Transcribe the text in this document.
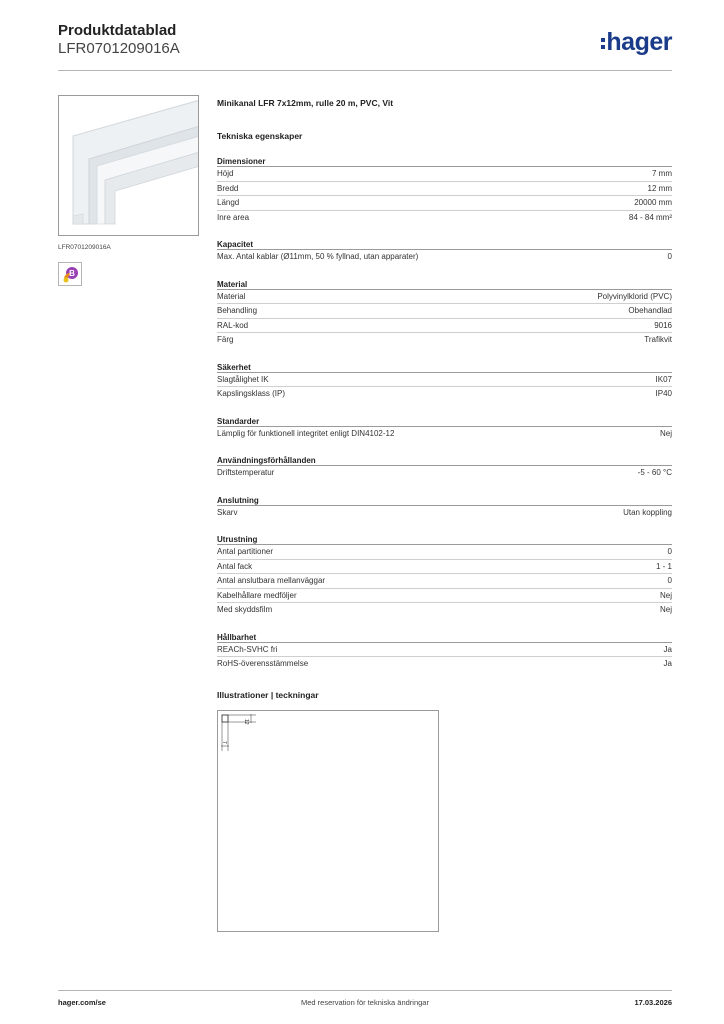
Produktdatablad
LFR0701209016A	hager
LFR0701209016A
B
Minikanal LFR 7x12mm, rulle 20 m, PVC, Vit
Tekniska egenskaper
Dimensioner
Höjd	7 mm
Bredd	12 mm
Längd	20000 mm
Inre area	84 - 84 mm²
Kapacitet
Max. Antal kablar (Ø11mm, 50 % fyllnad, utan apparater)	0
Material
Material	Polyvinylklorid (PVC)
Behandling	Obehandlad
RAL-kod	9016
Färg	Trafikvit
Säkerhet
Slagtålighet IK	IK07
Kapslingsklass (IP)	IP40
Standarder
Lämplig för funktionell integritet enligt DIN4102-12	Nej
Användningsförhållanden
Driftstemperatur	-5 - 60 °C
Anslutning
Skarv	Utan koppling
Utrustning
Antal partitioner	0
Antal fack	1 - 1
Antal anslutbara mellanväggar	0
Kabelhållare medföljer	Nej
Med skyddsfilm	Nej
Hållbarhet
REACh-SVHC fri	Ja
RoHS-överensstämmelse	Ja
Illustrationer | teckningar
12
7
hager.com/se	Med reservation för tekniska ändringar	17.03.2026
